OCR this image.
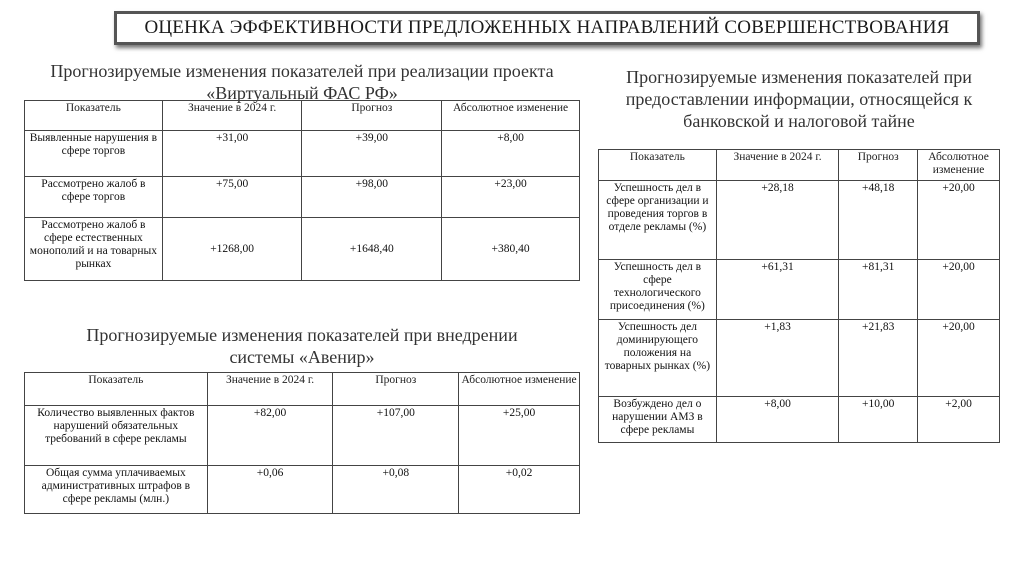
ОЦЕНКА ЭФФЕКТИВНОСТИ ПРЕДЛОЖЕННЫХ НАПРАВЛЕНИЙ СОВЕРШЕНСТВОВАНИЯ
Прогнозируемые изменения показателей при реализации проекта
«Виртуальный ФАС РФ»
Показатель	Значение в 2024 г.	Прогноз	Абсолютное изменение
Выявленные нарушения в сфере торгов	+31,00	+39,00	+8,00
Рассмотрено жалоб в сфере торгов	+75,00	+98,00	+23,00
Рассмотрено жалоб в сфере естественных монополий и на товарных рынках	+1268,00	+1648,40	+380,40
Прогнозируемые изменения показателей при внедрении
системы «Авенир»
Показатель	Значение в 2024 г.	Прогноз	Абсолютное изменение
Количество выявленных фактов нарушений обязательных требований в сфере рекламы	+82,00	+107,00	+25,00
Общая сумма уплачиваемых административных штрафов в сфере рекламы (млн.)	+0,06	+0,08	+0,02
Прогнозируемые изменения показателей при
предоставлении информации, относящейся к
банковской и налоговой тайне
Показатель	Значение в 2024 г.	Прогноз	Абсолютное изменение
Успешность дел в сфере организации и проведения торгов в отделе рекламы (%)	+28,18	+48,18	+20,00
Успешность дел в сфере технологического присоединения (%)	+61,31	+81,31	+20,00
Успешность дел доминирующего положения на товарных рынках (%)	+1,83	+21,83	+20,00
Возбуждено дел о нарушении АМЗ в сфере рекламы	+8,00	+10,00	+2,00
